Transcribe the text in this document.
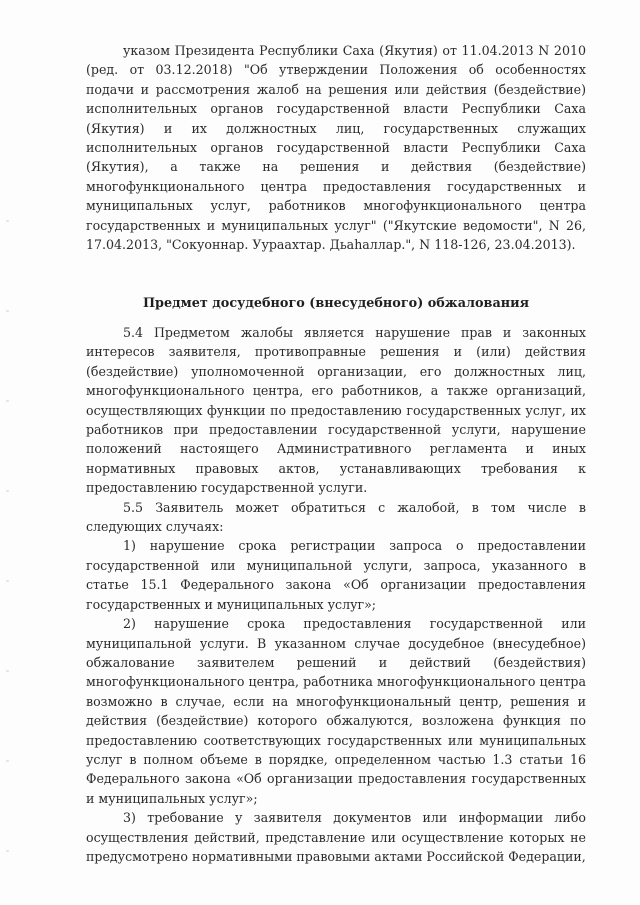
указом Президента Республики Саха (Якутия) от 11.04.2013 N 2010 (ред. от 03.12.2018) "Об утверждении Положения об особенностях подачи и рассмотрения жалоб на решения или действия (бездействие) исполнительных органов государственной власти Республики Саха (Якутия) и их должностных лиц, государственных служащих исполнительных органов государственной власти Республики Саха (Якутия), а также на решения и действия (бездействие) многофункционального центра предоставления государственных и муниципальных услуг, работников многофункционального центра государственных и муниципальных услуг" ("Якутские ведомости", N 26, 17.04.2013, "Сокуоннар. Уураахтар. Дьаһаллар.", N 118-126, 23.04.2013).

Предмет досудебного (внесудебного) обжалования

5.4 Предметом жалобы является нарушение прав и законных интересов заявителя, противоправные решения и (или) действия (бездействие) уполномоченной организации, его должностных лиц, многофункционального центра, его работников, а также организаций, осуществляющих функции по предоставлению государственных услуг, их работников при предоставлении государственной услуги, нарушение положений настоящего Административного регламента и иных нормативных правовых актов, устанавливающих требования к предоставлению государственной услуги.

5.5 Заявитель может обратиться с жалобой, в том числе в следующих случаях:

1) нарушение срока регистрации запроса о предоставлении государственной или муниципальной услуги, запроса, указанного в статье 15.1 Федерального закона «Об организации предоставления государственных и муниципальных услуг»;

2) нарушение срока предоставления государственной или муниципальной услуги. В указанном случае досудебное (внесудебное) обжалование заявителем решений и действий (бездействия) многофункционального центра, работника многофункционального центра возможно в случае, если на многофункциональный центр, решения и действия (бездействие) которого обжалуются, возложена функция по предоставлению соответствующих государственных или муниципальных услуг в полном объеме в порядке, определенном частью 1.3 статьи 16 Федерального закона «Об организации предоставления государственных и муниципальных услуг»;

3) требование у заявителя документов или информации либо осуществления действий, представление или осуществление которых не предусмотрено нормативными правовыми актами Российской Федерации,
